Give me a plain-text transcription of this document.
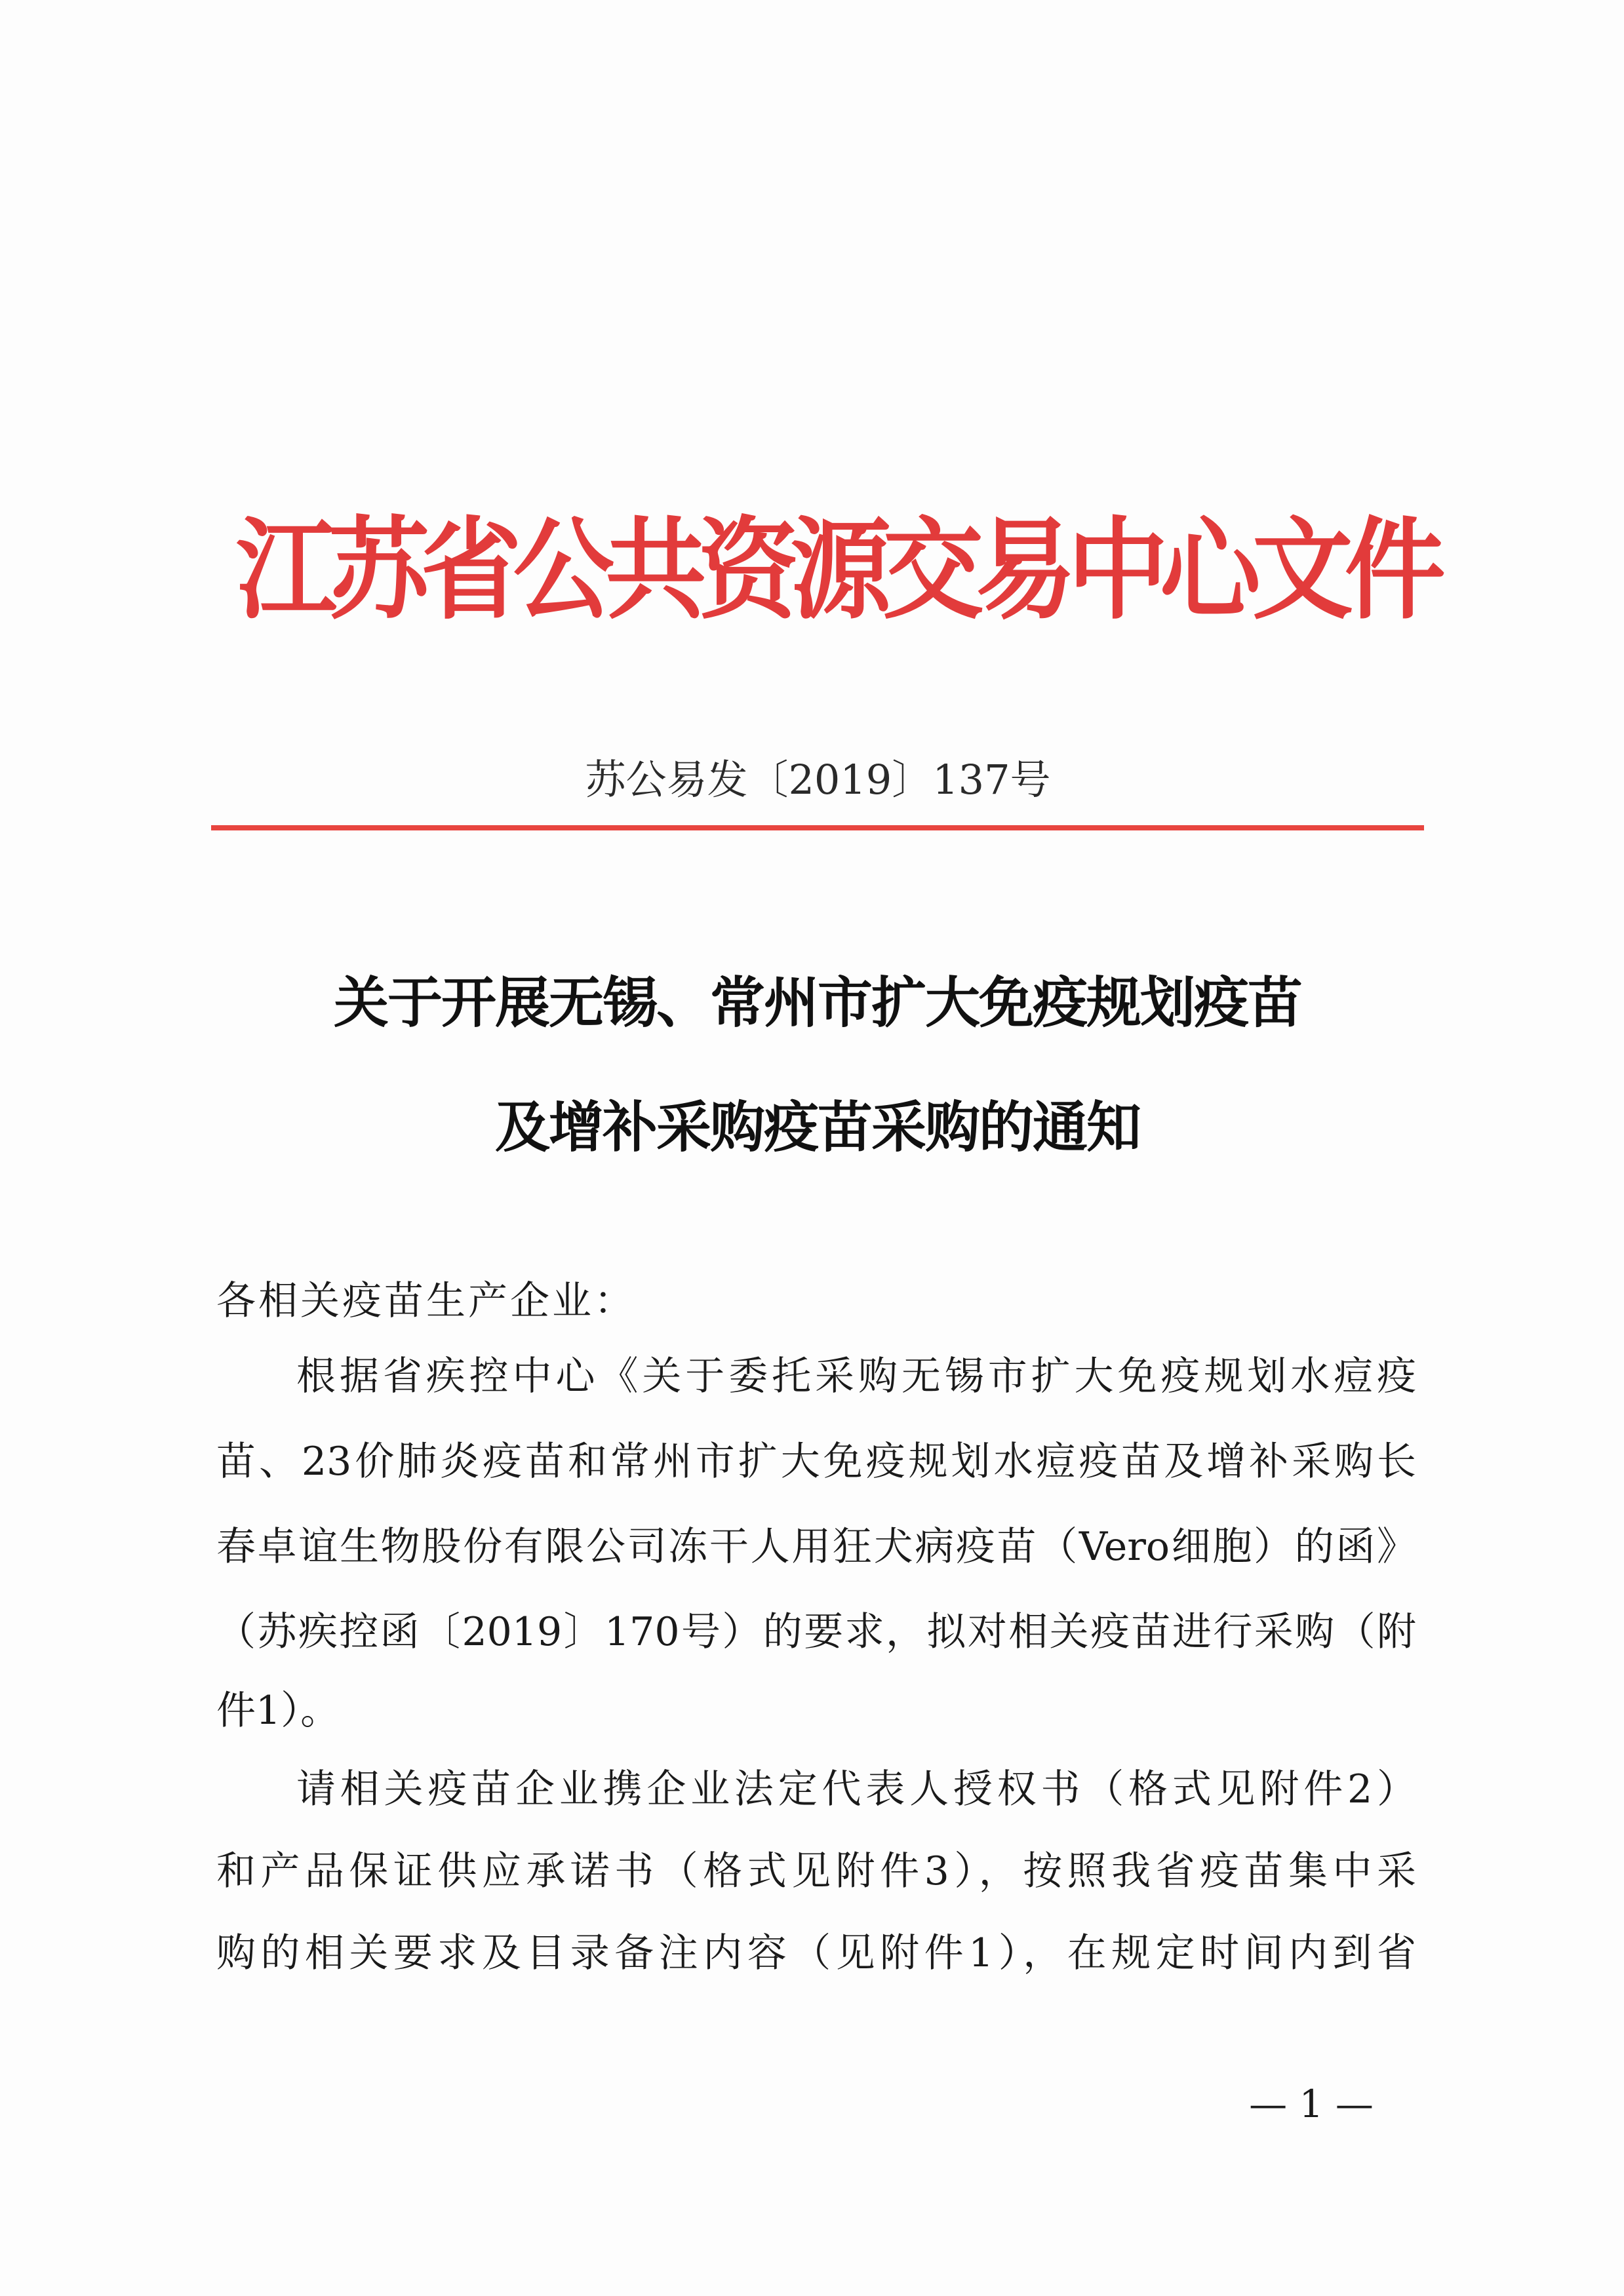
江苏省公共资源交易中心文件
苏公易发〔2019〕137号
关于开展无锡、常州市扩大免疫规划疫苗
及增补采购疫苗采购的通知
各相关疫苗生产企业：
根据省疾控中心《关于委托采购无锡市扩大免疫规划水痘疫
苗、23价肺炎疫苗和常州市扩大免疫规划水痘疫苗及增补采购长
春卓谊生物股份有限公司冻干人用狂犬病疫苗（Vero细胞）的函》
（苏疾控函〔2019〕170号）的要求，拟对相关疫苗进行采购（附
件1）。
请相关疫苗企业携企业法定代表人授权书（格式见附件2）
和产品保证供应承诺书（格式见附件3），按照我省疫苗集中采
购的相关要求及目录备注内容（见附件1），在规定时间内到省
— 1 —
